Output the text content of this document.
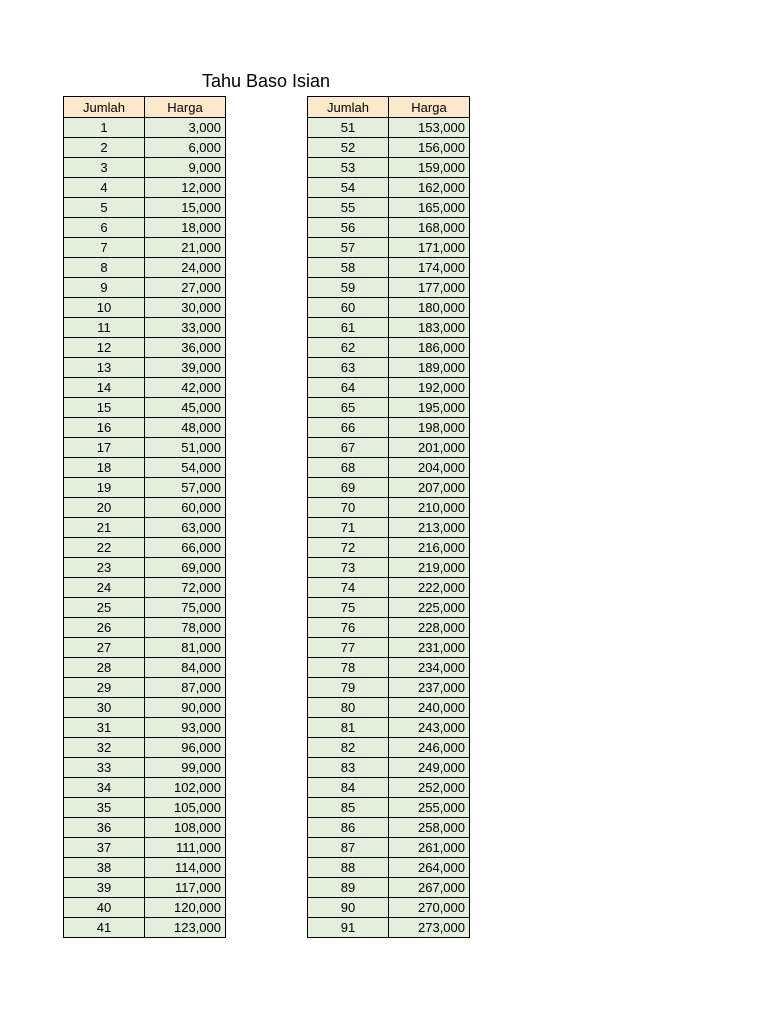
Tahu Baso Isian
Jumlah	Harga
1	3,000
2	6,000
3	9,000
4	12,000
5	15,000
6	18,000
7	21,000
8	24,000
9	27,000
10	30,000
11	33,000
12	36,000
13	39,000
14	42,000
15	45,000
16	48,000
17	51,000
18	54,000
19	57,000
20	60,000
21	63,000
22	66,000
23	69,000
24	72,000
25	75,000
26	78,000
27	81,000
28	84,000
29	87,000
30	90,000
31	93,000
32	96,000
33	99,000
34	102,000
35	105,000
36	108,000
37	111,000
38	114,000
39	117,000
40	120,000
41	123,000
Jumlah	Harga
51	153,000
52	156,000
53	159,000
54	162,000
55	165,000
56	168,000
57	171,000
58	174,000
59	177,000
60	180,000
61	183,000
62	186,000
63	189,000
64	192,000
65	195,000
66	198,000
67	201,000
68	204,000
69	207,000
70	210,000
71	213,000
72	216,000
73	219,000
74	222,000
75	225,000
76	228,000
77	231,000
78	234,000
79	237,000
80	240,000
81	243,000
82	246,000
83	249,000
84	252,000
85	255,000
86	258,000
87	261,000
88	264,000
89	267,000
90	270,000
91	273,000
